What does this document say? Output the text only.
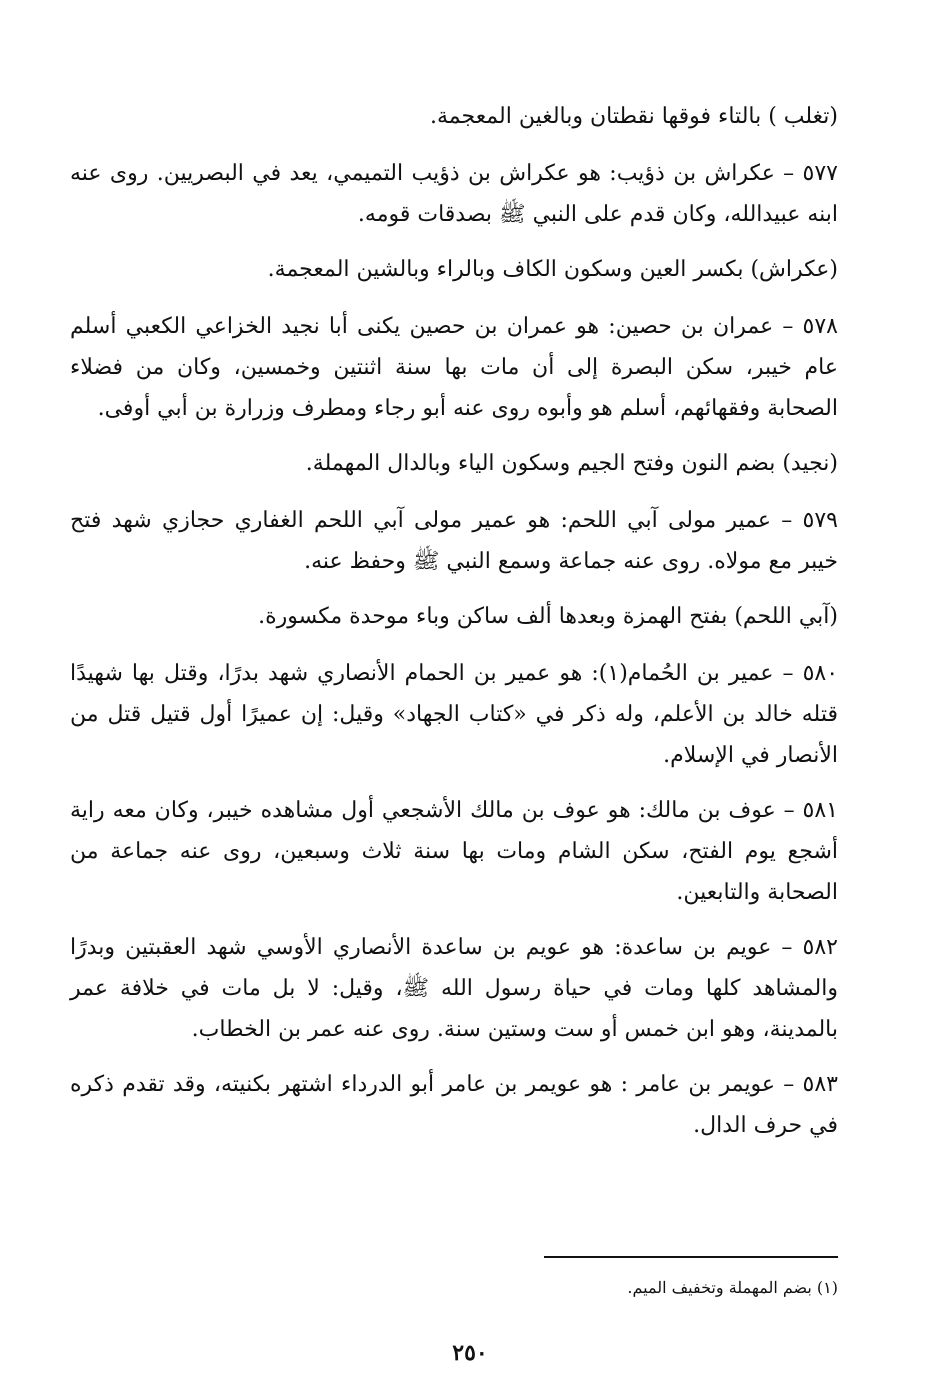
(تغلب ) بالتاء فوقها نقطتان وبالغين المعجمة.

٥٧٧ – عكراش بن ذؤيب: هو عكراش بن ذؤيب التميمي، يعد في البصريين. روى عنه ابنه عبيدالله، وكان قدم على النبي ﷺ بصدقات قومه.

(عكراش) بكسر العين وسكون الكاف وبالراء وبالشين المعجمة.

٥٧٨ – عمران بن حصين: هو عمران بن حصين يكنى أبا نجيد الخزاعي الكعبي أسلم عام خيبر، سكن البصرة إلى أن مات بها سنة اثنتين وخمسين، وكان من فضلاء الصحابة وفقهائهم، أسلم هو وأبوه روى عنه أبو رجاء ومطرف وزرارة بن أبي أوفى.

(نجيد) بضم النون وفتح الجيم وسكون الياء وبالدال المهملة.

٥٧٩ – عمير مولى آبي اللحم: هو عمير مولى آبي اللحم الغفاري حجازي شهد فتح خيبر مع مولاه. روى عنه جماعة وسمع النبي ﷺ وحفظ عنه.

(آبي اللحم) بفتح الهمزة وبعدها ألف ساكن وباء موحدة مكسورة.

٥٨٠ – عمير بن الحُمام(١): هو عمير بن الحمام الأنصاري شهد بدرًا، وقتل بها شهيدًا قتله خالد بن الأعلم، وله ذكر في «كتاب الجهاد» وقيل: إن عميرًا أول قتيل قتل من الأنصار في الإسلام.

٥٨١ – عوف بن مالك: هو عوف بن مالك الأشجعي أول مشاهده خيبر، وكان معه راية أشجع يوم الفتح، سكن الشام ومات بها سنة ثلاث وسبعين، روى عنه جماعة من الصحابة والتابعين.

٥٨٢ – عويم بن ساعدة: هو عويم بن ساعدة الأنصاري الأوسي شهد العقبتين وبدرًا والمشاهد كلها ومات في حياة رسول الله ﷺ، وقيل: لا بل مات في خلافة عمر بالمدينة، وهو ابن خمس أو ست وستين سنة. روى عنه عمر بن الخطاب.

٥٨٣ – عويمر بن عامر : هو عويمر بن عامر أبو الدرداء اشتهر بكنيته، وقد تقدم ذكره في حرف الدال.

(١) بضم المهملة وتخفيف الميم.
٢٥٠
